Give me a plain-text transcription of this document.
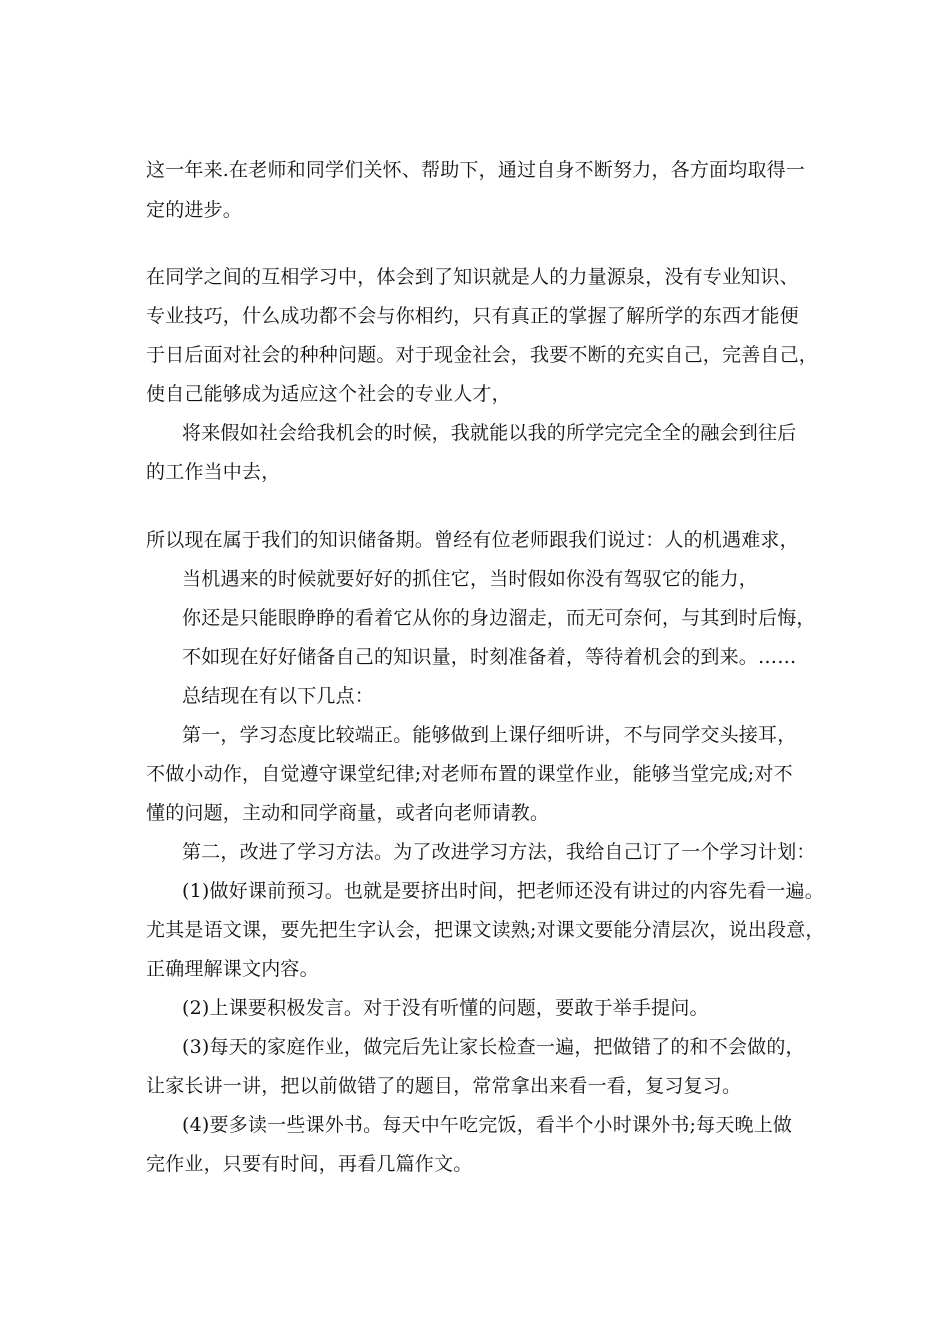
这一年来.在老师和同学们关怀、帮助下，通过自身不断努力，各方面均取得一
定的进步。
在同学之间的互相学习中，体会到了知识就是人的力量源泉，没有专业知识、
专业技巧，什么成功都不会与你相约，只有真正的掌握了解所学的东西才能便
于日后面对社会的种种问题。对于现金社会，我要不断的充实自己，完善自己，
使自己能够成为适应这个社会的专业人才，
将来假如社会给我机会的时候，我就能以我的所学完完全全的融会到往后
的工作当中去，
所以现在属于我们的知识储备期。曾经有位老师跟我们说过：人的机遇难求，
当机遇来的时候就要好好的抓住它，当时假如你没有驾驭它的能力，
你还是只能眼睁睁的看着它从你的身边溜走，而无可奈何，与其到时后悔，
不如现在好好储备自己的知识量，时刻准备着，等待着机会的到来。……
总结现在有以下几点：
第一，学习态度比较端正。能够做到上课仔细听讲，不与同学交头接耳，
不做小动作，自觉遵守课堂纪律;对老师布置的课堂作业，能够当堂完成;对不
懂的问题，主动和同学商量，或者向老师请教。
第二，改进了学习方法。为了改进学习方法，我给自己订了一个学习计划：
(1)做好课前预习。也就是要挤出时间，把老师还没有讲过的内容先看一遍。
尤其是语文课，要先把生字认会，把课文读熟;对课文要能分清层次，说出段意，
正确理解课文内容。
(2)上课要积极发言。对于没有听懂的问题，要敢于举手提问。
(3)每天的家庭作业，做完后先让家长检查一遍，把做错了的和不会做的，
让家长讲一讲，把以前做错了的题目，常常拿出来看一看，复习复习。
(4)要多读一些课外书。每天中午吃完饭，看半个小时课外书;每天晚上做
完作业，只要有时间，再看几篇作文。
